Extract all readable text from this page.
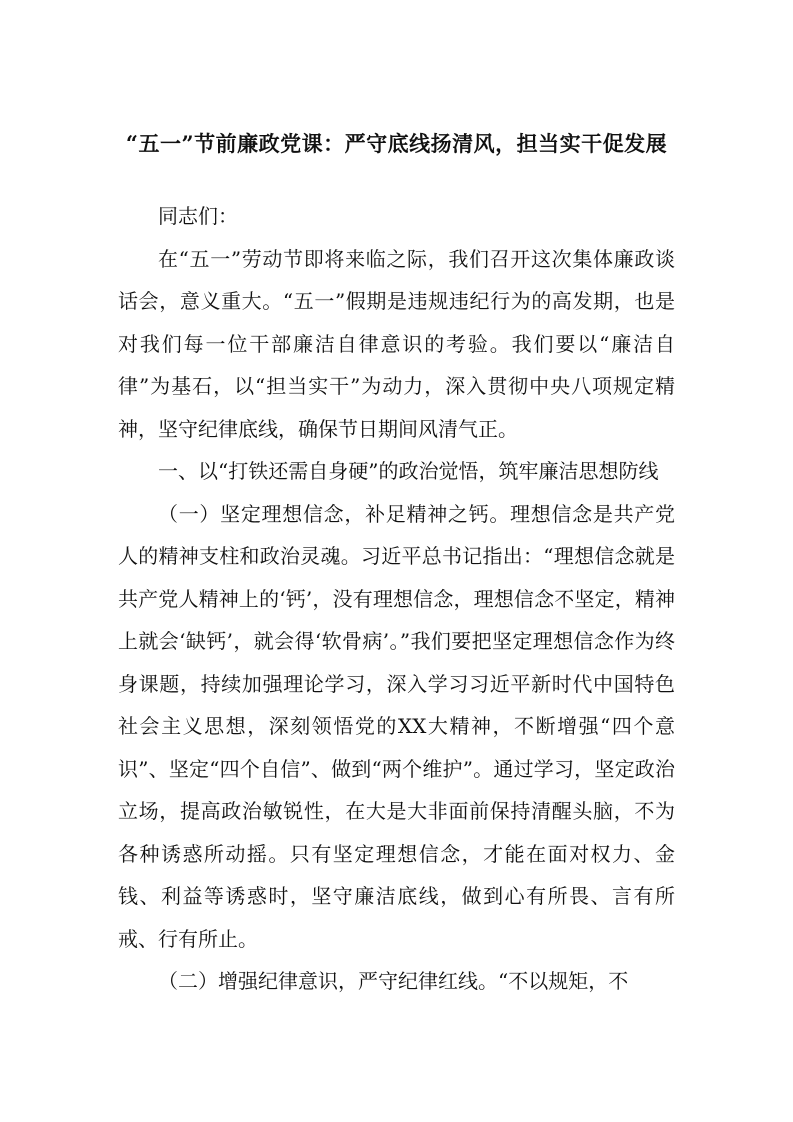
“五一”节前廉政党课：严守底线扬清风，担当实干促发展

同志们：

在“五一”劳动节即将来临之际，我们召开这次集体廉政谈话会，意义重大。“五一”假期是违规违纪行为的高发期，也是对我们每一位干部廉洁自律意识的考验。我们要以“廉洁自律”为基石，以“担当实干”为动力，深入贯彻中央八项规定精神，坚守纪律底线，确保节日期间风清气正。

一、以“打铁还需自身硬”的政治觉悟，筑牢廉洁思想防线

（一）坚定理想信念，补足精神之钙。理想信念是共产党人的精神支柱和政治灵魂。习近平总书记指出：“理想信念就是共产党人精神上的‘钙’，没有理想信念，理想信念不坚定，精神上就会‘缺钙’，就会得‘软骨病’。”我们要把坚定理想信念作为终身课题，持续加强理论学习，深入学习习近平新时代中国特色社会主义思想，深刻领悟党的XX大精神，不断增强“四个意识”、坚定“四个自信”、做到“两个维护”。通过学习，坚定政治立场，提高政治敏锐性，在大是大非面前保持清醒头脑，不为各种诱惑所动摇。只有坚定理想信念，才能在面对权力、金钱、利益等诱惑时，坚守廉洁底线，做到心有所畏、言有所戒、行有所止。

（二）增强纪律意识，严守纪律红线。“不以规矩，不
